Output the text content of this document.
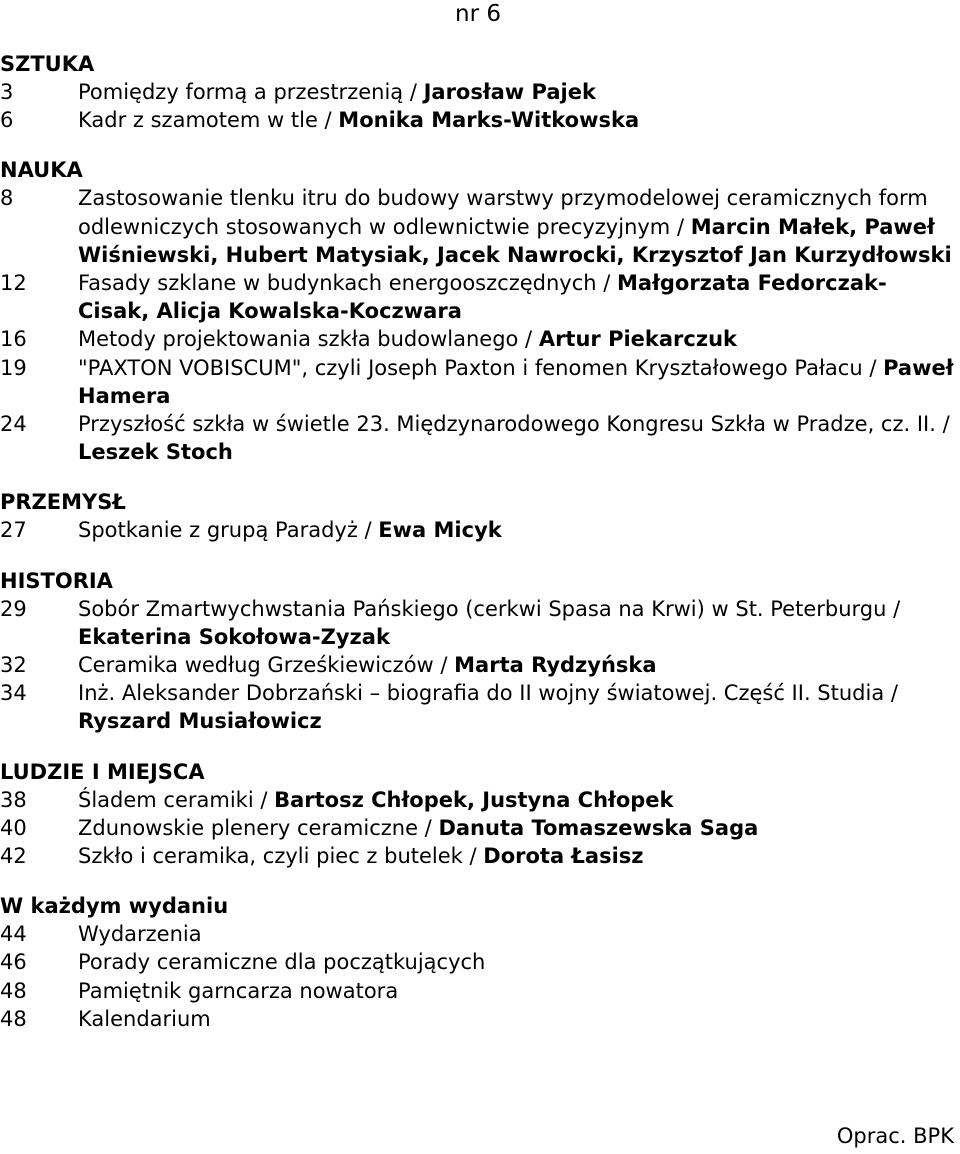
nr 6
SZTUKA
3	Pomiędzy formą a przestrzenią / Jarosław Pajek
6	Kadr z szamotem w tle / Monika Marks-Witkowska
NAUKA
8	Zastosowanie tlenku itru do budowy warstwy przymodelowej ceramicznych form odlewniczych stosowanych w odlewnictwie precyzyjnym / Marcin Małek, Paweł Wiśniewski, Hubert Matysiak, Jacek Nawrocki, Krzysztof Jan Kurzydłowski
12	Fasady szklane w budynkach energooszczędnych / Małgorzata Fedorczak-Cisak, Alicja Kowalska-Koczwara
16	Metody projektowania szkła budowlanego / Artur Piekarczuk
19	"PAXTON VOBISCUM", czyli Joseph Paxton i fenomen Kryształowego Pałacu / Paweł Hamera
24	Przyszłość szkła w świetle 23. Międzynarodowego Kongresu Szkła w Pradze, cz. II. / Leszek Stoch
PRZEMYSŁ
27	Spotkanie z grupą Paradyż / Ewa Micyk
HISTORIA
29	Sobór Zmartwychwstania Pańskiego (cerkwi Spasa na Krwi) w St. Peterburgu / Ekaterina Sokołowa-Zyzak
32	Ceramika według Grześkiewiczów / Marta Rydzyńska
34	Inż. Aleksander Dobrzański – biografia do II wojny światowej. Część II. Studia / Ryszard Musiałowicz
LUDZIE I MIEJSCA
38	Śladem ceramiki / Bartosz Chłopek, Justyna Chłopek
40	Zdunowskie plenery ceramiczne / Danuta Tomaszewska Saga
42	Szkło i ceramika, czyli piec z butelek / Dorota Łasisz
W każdym wydaniu
44	Wydarzenia
46	Porady ceramiczne dla początkujących
48	Pamiętnik garncarza nowatora
48	Kalendarium
Oprac. BPK
